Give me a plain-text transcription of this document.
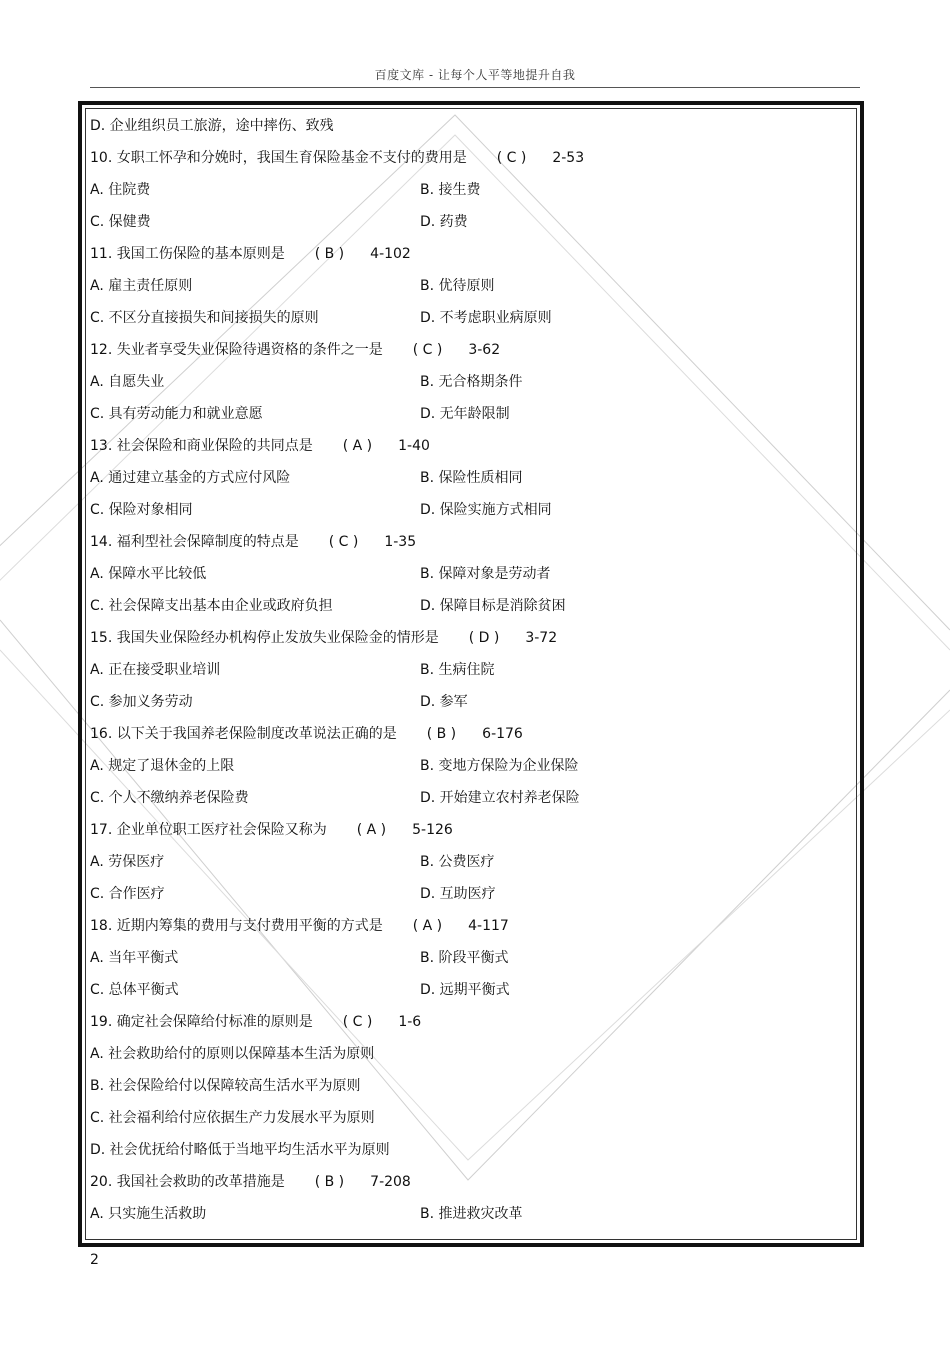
百度文库 - 让每个人平等地提升自我
D. 企业组织员工旅游，途中摔伤、致残
10. 女职工怀孕和分娩时，我国生育保险基金不支付的费用是 ( C ) 2-53
A. 住院费	B. 接生费
C. 保健费	D. 药费
11. 我国工伤保险的基本原则是 ( B ) 4-102
A. 雇主责任原则	B. 优待原则
C. 不区分直接损失和间接损失的原则	D. 不考虑职业病原则
12. 失业者享受失业保险待遇资格的条件之一是 ( C ) 3-62
A. 自愿失业	B. 无合格期条件
C. 具有劳动能力和就业意愿	D. 无年龄限制
13. 社会保险和商业保险的共同点是 ( A ) 1-40
A. 通过建立基金的方式应付风险	B. 保险性质相同
C. 保险对象相同	D. 保险实施方式相同
14. 福利型社会保障制度的特点是 ( C ) 1-35
A. 保障水平比较低	B. 保障对象是劳动者
C. 社会保障支出基本由企业或政府负担	D. 保障目标是消除贫困
15. 我国失业保险经办机构停止发放失业保险金的情形是 ( D ) 3-72
A. 正在接受职业培训	B. 生病住院
C. 参加义务劳动	D. 参军
16. 以下关于我国养老保险制度改革说法正确的是 ( B ) 6-176
A. 规定了退休金的上限	B. 变地方保险为企业保险
C. 个人不缴纳养老保险费	D. 开始建立农村养老保险
17. 企业单位职工医疗社会保险又称为 ( A ) 5-126
A. 劳保医疗	B. 公费医疗
C. 合作医疗	D. 互助医疗
18. 近期内筹集的费用与支付费用平衡的方式是 ( A ) 4-117
A. 当年平衡式	B. 阶段平衡式
C. 总体平衡式	D. 远期平衡式
19. 确定社会保障给付标准的原则是 ( C ) 1-6
A. 社会救助给付的原则以保障基本生活为原则
B. 社会保险给付以保障较高生活水平为原则
C. 社会福利给付应依据生产力发展水平为原则
D. 社会优抚给付略低于当地平均生活水平为原则
20. 我国社会救助的改革措施是 ( B ) 7-208
A. 只实施生活救助	B. 推进救灾改革
2
